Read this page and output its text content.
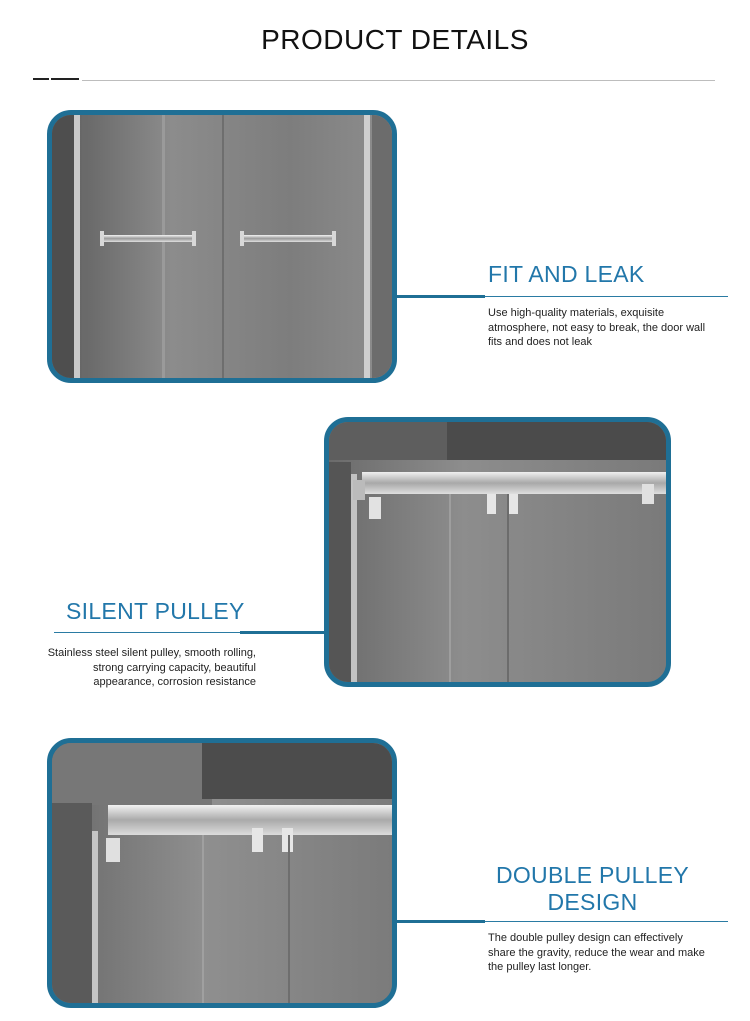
PRODUCT DETAILS
FIT AND LEAK
Use high-quality materials, exquisite atmosphere, not easy to break, the door wall fits and does not leak
SILENT PULLEY
Stainless steel silent pulley, smooth rolling, strong carrying capacity, beautiful appearance, corrosion resistance
DOUBLE PULLEY
DESIGN
The double pulley design can effectively share the gravity, reduce the wear and make the pulley last longer.
